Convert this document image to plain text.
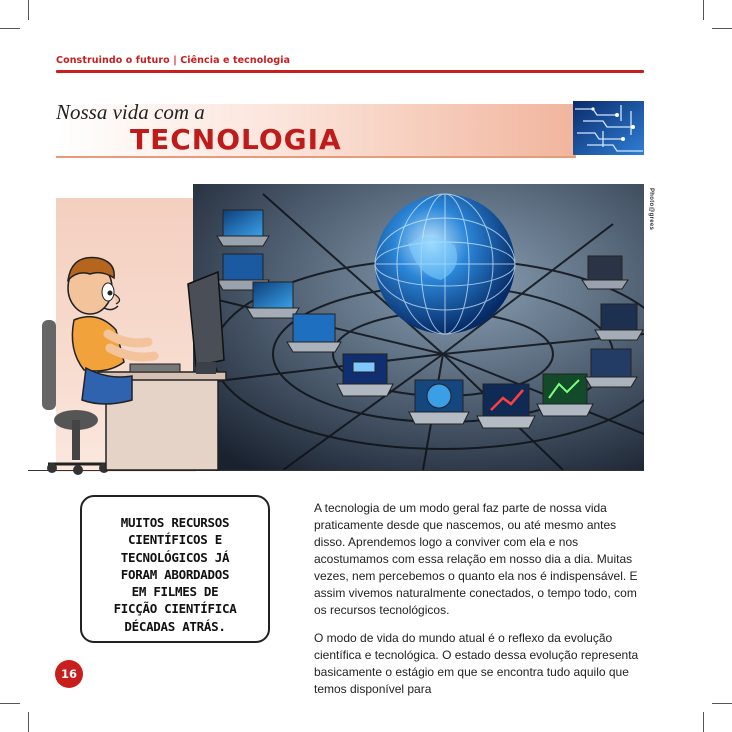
Construindo o futuro | Ciência e tecnologia
Nossa vida com a
TECNOLOGIA
Photo@grees
MUITOS RECURSOS
CIENTÍFICOS E
TECNOLÓGICOS JÁ
FORAM ABORDADOS
EM FILMES DE
FICÇÃO CIENTÍFICA
DÉCADAS ATRÁS.

A tecnologia de um modo geral faz parte de nossa vida praticamente desde que nascemos, ou até mesmo antes disso. Aprendemos logo a conviver com ela e nos acostumamos com essa relação em nosso dia a dia. Muitas vezes, nem percebemos o quanto ela nos é indispensável. E assim vivemos naturalmente conectados, o tempo todo, com os recursos tecnológicos.

O modo de vida do mundo atual é o reflexo da evolução científica e tecnológica. O estado dessa evolução representa basicamente o estágio em que se encontra tudo aquilo que temos disponível para

16
